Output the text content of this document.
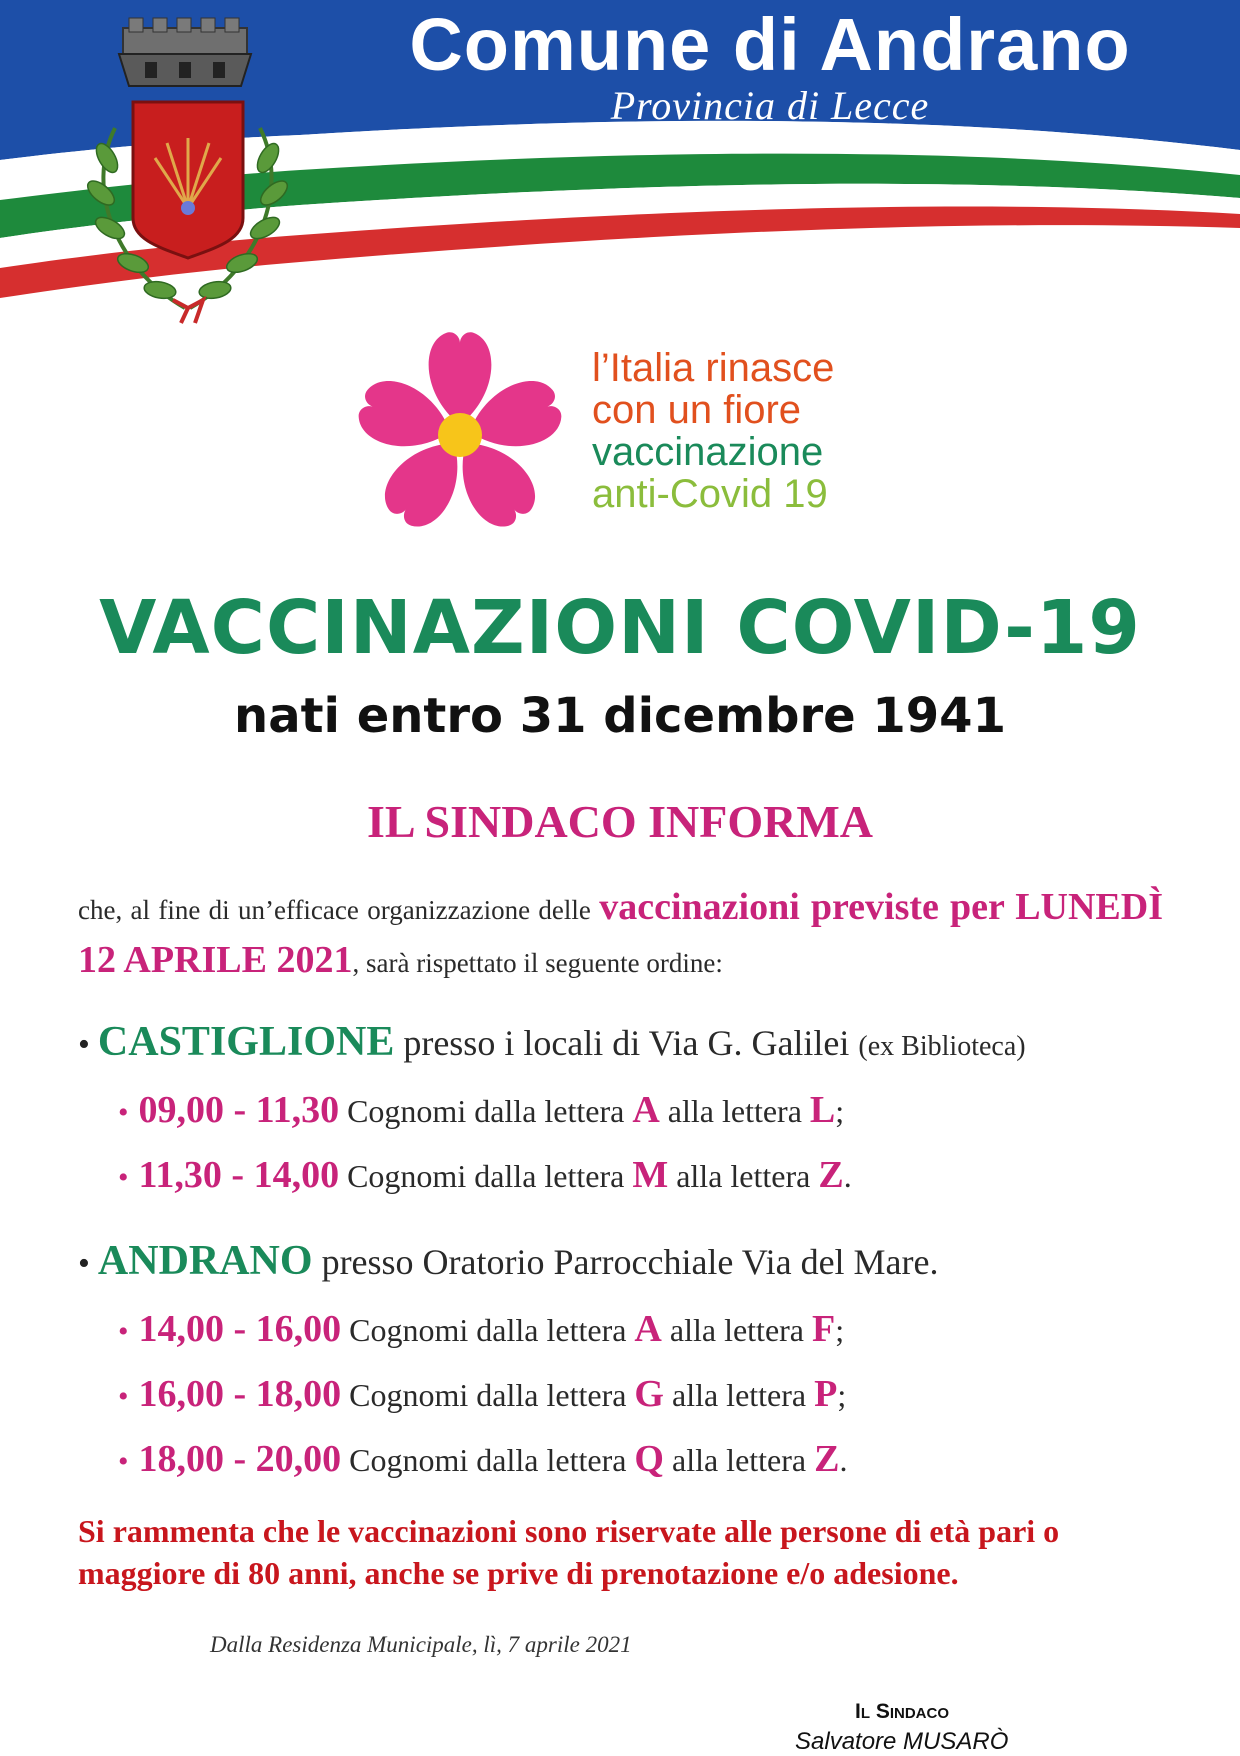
Comune di Andrano
Provincia di Lecce
l’Italia rinasce
con un fiore
vaccinazione
anti-Covid 19
VACCINAZIONI COVID-19
nati entro 31 dicembre 1941
IL SINDACO INFORMA
che, al fine di un’efficace organizzazione delle vaccinazioni previste per LUNEDÌ 12 APRILE 2021, sarà rispettato il seguente ordine:
• CASTIGLIONE presso i locali di Via G. Galilei (ex Biblioteca)
• 09,00 - 11,30 Cognomi dalla lettera A alla lettera L;
• 11,30 - 14,00 Cognomi dalla lettera M alla lettera Z.
• ANDRANO presso Oratorio Parrocchiale Via del Mare.
• 14,00 - 16,00 Cognomi dalla lettera A alla lettera F;
• 16,00 - 18,00 Cognomi dalla lettera G alla lettera P;
• 18,00 - 20,00 Cognomi dalla lettera Q alla lettera Z.
Si rammenta che le vaccinazioni sono riservate alle persone di età pari o maggiore di 80 anni, anche se prive di prenotazione e/o adesione.
Dalla Residenza Municipale, lì, 7 aprile 2021
Il Sindaco
Salvatore MUSARÒ
